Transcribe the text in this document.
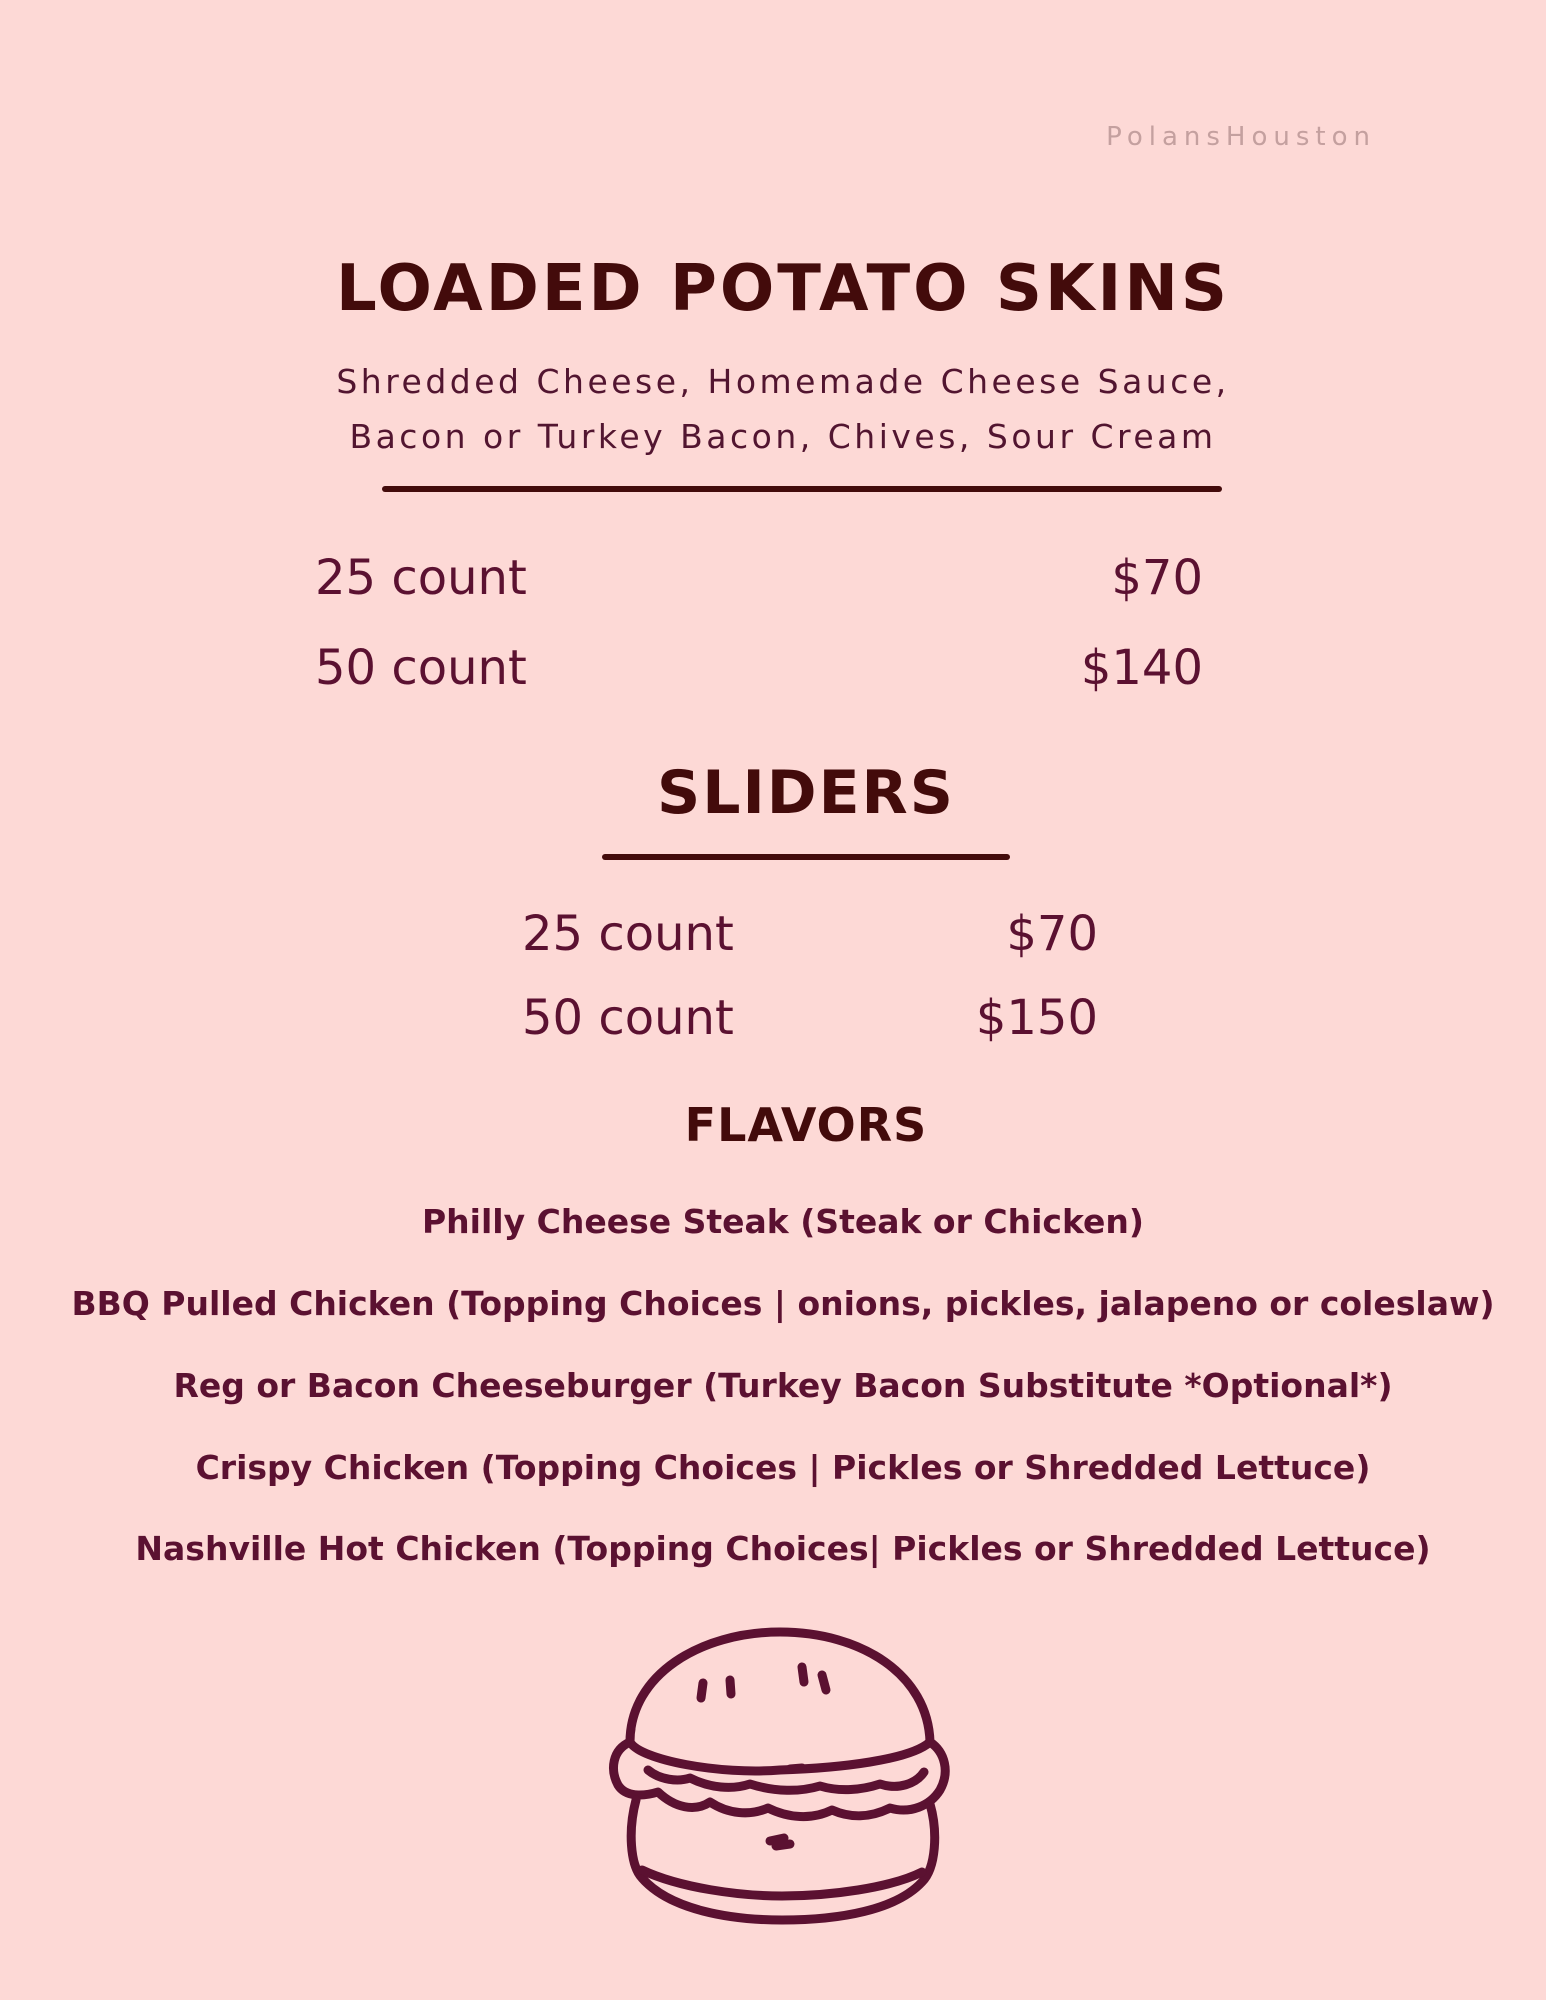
PolansHouston
LOADED POTATO SKINS
Shredded Cheese, Homemade Cheese Sauce,
Bacon or Turkey Bacon, Chives, Sour Cream
25 count	$70
50 count	$140
SLIDERS
25 count	$70
50 count	$150
FLAVORS
Philly Cheese Steak (Steak or Chicken)
BBQ Pulled Chicken (Topping Choices | onions, pickles, jalapeno or coleslaw)
Reg or Bacon Cheeseburger (Turkey Bacon Substitute *Optional*)
Crispy Chicken (Topping Choices | Pickles or Shredded Lettuce)
Nashville Hot Chicken (Topping Choices| Pickles or Shredded Lettuce)
